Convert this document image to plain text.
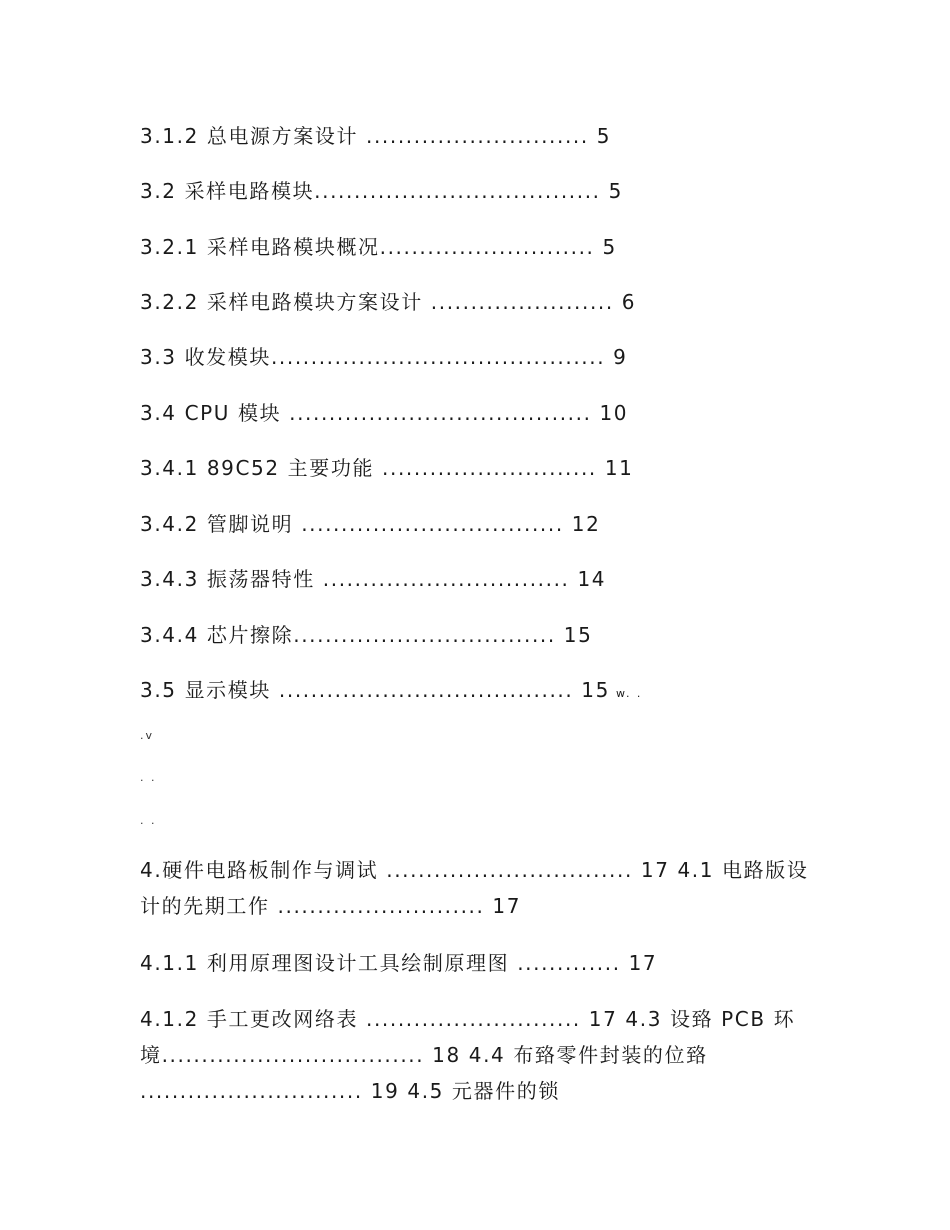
3.1.2 总电源方案设计 ............................ 5
3.2 采样电路模块.................................... 5
3.2.1 采样电路模块概况........................... 5
3.2.2 采样电路模块方案设计 ....................... 6
3.3 收发模块.......................................... 9
3.4 CPU 模块 ...................................... 10
3.4.1 89C52 主要功能 ........................... 11
3.4.2 管脚说明 ................................. 12
3.4.3 振荡器特性 ............................... 14
3.4.4 芯片擦除................................. 15
3.5 显示模块 ..................................... 15 w. .
.v
. .
. .
4.硬件电路板制作与调试 ............................... 17 4.1 电路版设计的先期工作 .......................... 17
4.1.1 利用原理图设计工具绘制原理图 ............. 17
4.1.2 手工更改网络表 ........................... 17 4.3 设臵 PCB 环境................................. 18 4.4 布臵零件封装的位臵 ............................ 19 4.5 元器件的锁
